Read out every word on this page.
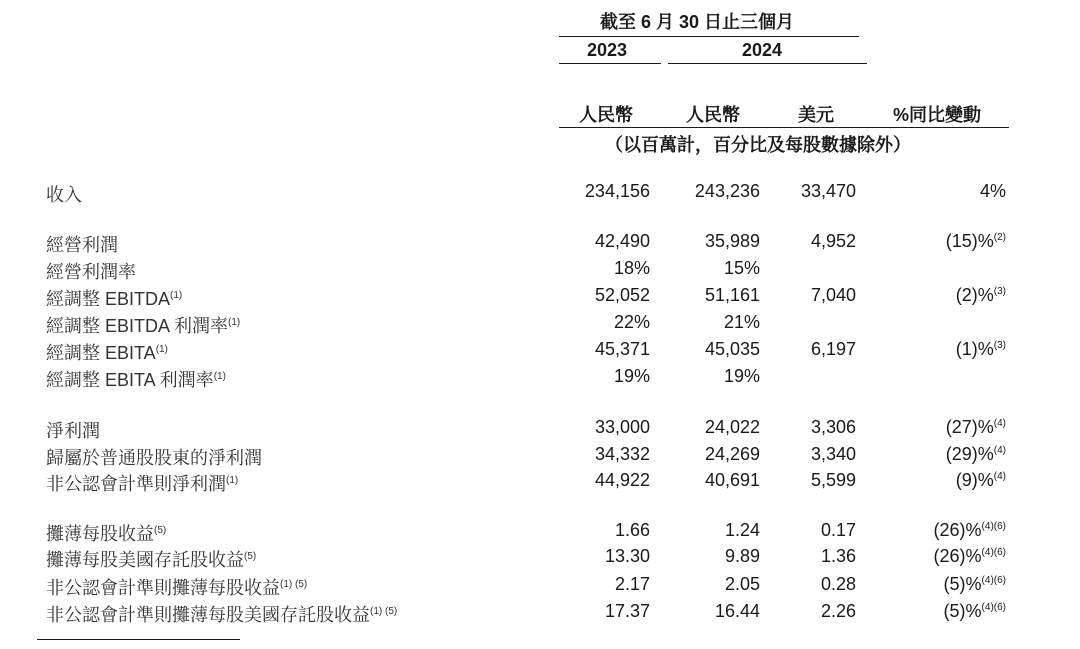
截至 6 月 30 日止三個月
2023	2024
人民幣	人民幣	美元	%同比變動
（以百萬計，百分比及每股數據除外）
收入	234,156 243,236 33,470	4%
經營利潤	42,490	35,989	4,952	(15)%$^{(2)}$
經營利潤率	18%	15%
經調整 EBITDA$^{(1)}$	52,052	51,161	7,040	(2)%$^{(3)}$
經調整 EBITDA 利潤率$^{(1)}$	22%	21%
經調整 EBITA$^{(1)}$	45,371	45,035	6,197	(1)%$^{(3)}$
經調整 EBITA 利潤率$^{(1)}$	19%	19%
淨利潤	33,000	24,022	3,306	(27)%$^{(4)}$
歸屬於普通股股東的淨利潤	34,332	24,269	3,340	(29)%$^{(4)}$
非公認會計準則淨利潤$^{(1)}$	44,922	40,691	5,599	(9)%$^{(4)}$
攤薄每股收益$^{(5)}$	1.66	1.24	0.17	(26)%$^{(4)(6)}$
攤薄每股美國存託股收益$^{(5)}$	13.30	9.89	1.36	(26)%$^{(4)(6)}$
非公認會計準則攤薄每股收益$^{(1) (5)}$	2.17	2.05	0.28	(5)%$^{(4)(6)}$
非公認會計準則攤薄每股美國存託股收益$^{(1) (5)}$	17.37	16.44	2.26	(5)%$^{(4)(6)}$
